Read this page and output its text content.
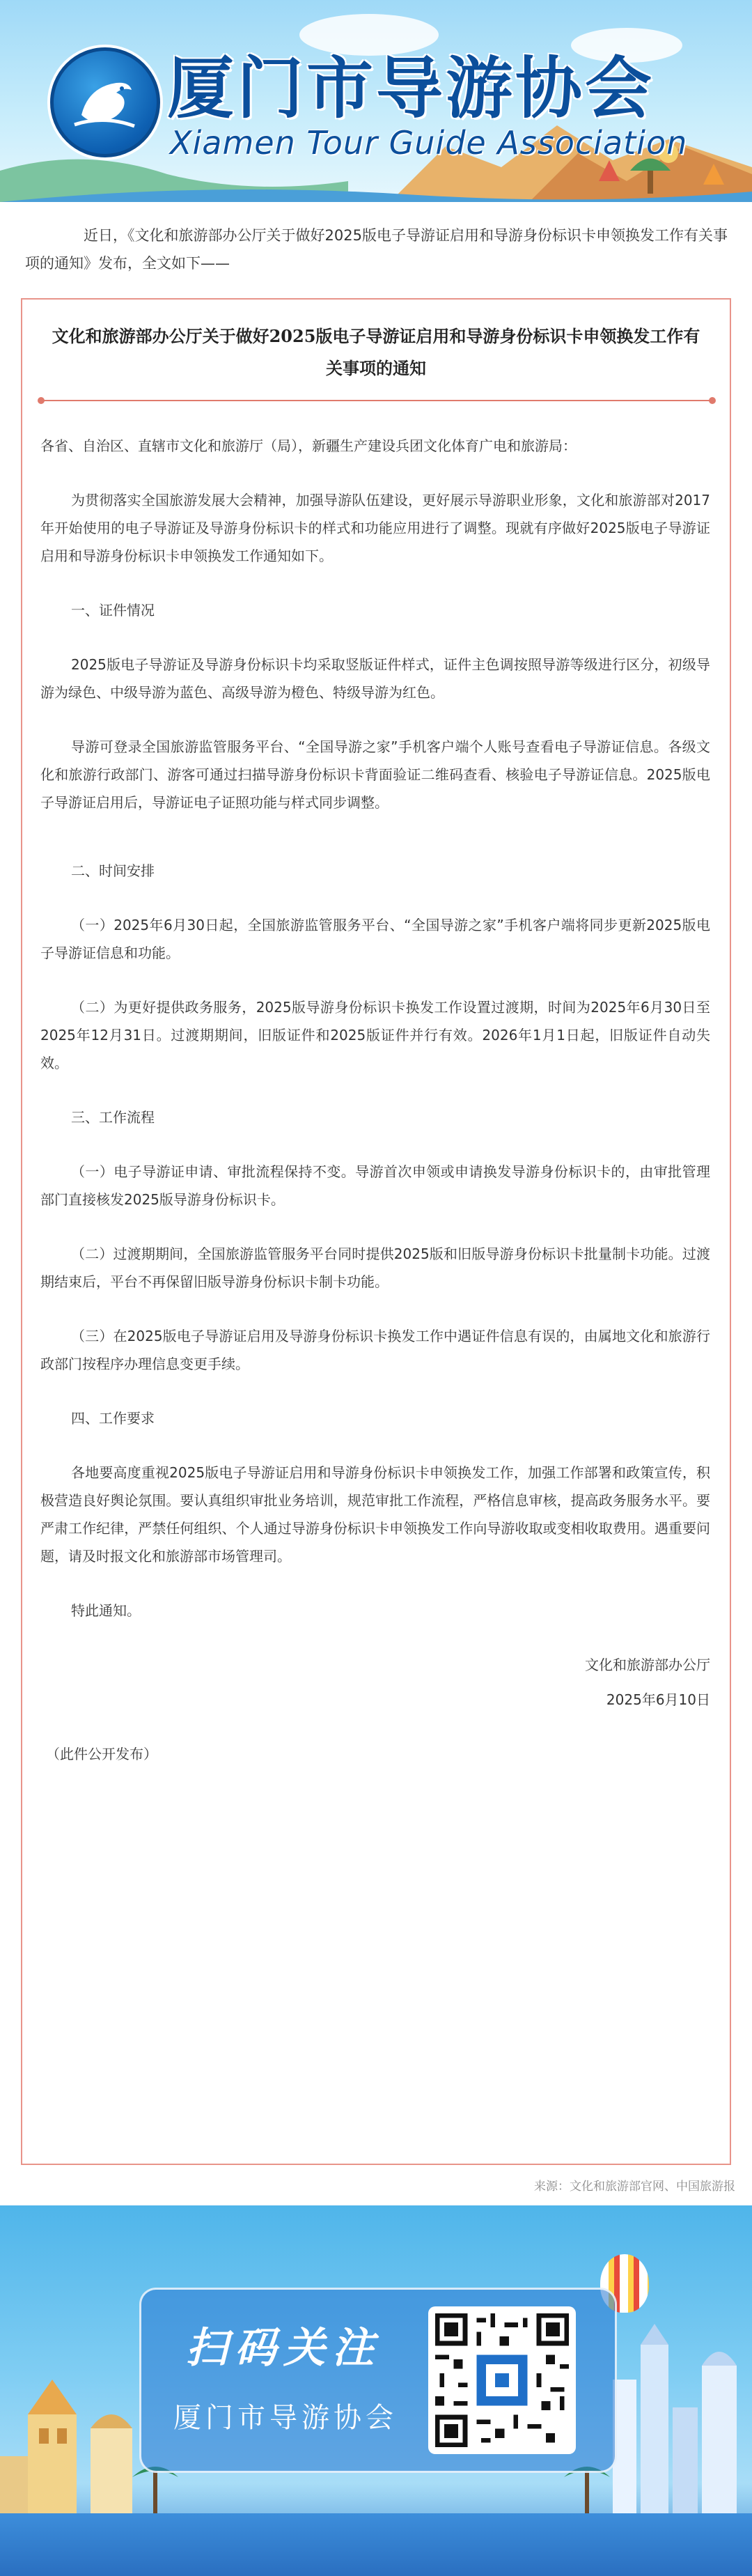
厦门市导游协会
Xiamen Tour Guide Association
近日，《文化和旅游部办公厅关于做好2025版电子导游证启用和导游身份标识卡申领换发工作有关事项的通知》发布，全文如下——
文化和旅游部办公厅关于做好2025版电子导游证启用和导游身份标识卡申领换发工作有关事项的通知

各省、自治区、直辖市文化和旅游厅（局），新疆生产建设兵团文化体育广电和旅游局：

为贯彻落实全国旅游发展大会精神，加强导游队伍建设，更好展示导游职业形象，文化和旅游部对2017年开始使用的电子导游证及导游身份标识卡的样式和功能应用进行了调整。现就有序做好2025版电子导游证启用和导游身份标识卡申领换发工作通知如下。

一、证件情况

2025版电子导游证及导游身份标识卡均采取竖版证件样式，证件主色调按照导游等级进行区分，初级导游为绿色、中级导游为蓝色、高级导游为橙色、特级导游为红色。

导游可登录全国旅游监管服务平台、“全国导游之家”手机客户端个人账号查看电子导游证信息。各级文化和旅游行政部门、游客可通过扫描导游身份标识卡背面验证二维码查看、核验电子导游证信息。2025版电子导游证启用后，导游证电子证照功能与样式同步调整。

二、时间安排

（一）2025年6月30日起，全国旅游监管服务平台、“全国导游之家”手机客户端将同步更新2025版电子导游证信息和功能。

（二）为更好提供政务服务，2025版导游身份标识卡换发工作设置过渡期，时间为2025年6月30日至2025年12月31日。过渡期期间，旧版证件和2025版证件并行有效。2026年1月1日起，旧版证件自动失效。

三、工作流程

（一）电子导游证申请、审批流程保持不变。导游首次申领或申请换发导游身份标识卡的，由审批管理部门直接核发2025版导游身份标识卡。

（二）过渡期期间，全国旅游监管服务平台同时提供2025版和旧版导游身份标识卡批量制卡功能。过渡期结束后，平台不再保留旧版导游身份标识卡制卡功能。

（三）在2025版电子导游证启用及导游身份标识卡换发工作中遇证件信息有误的，由属地文化和旅游行政部门按程序办理信息变更手续。

四、工作要求

各地要高度重视2025版电子导游证启用和导游身份标识卡申领换发工作，加强工作部署和政策宣传，积极营造良好舆论氛围。要认真组织审批业务培训，规范审批工作流程，严格信息审核，提高政务服务水平。要严肃工作纪律，严禁任何组织、个人通过导游身份标识卡申领换发工作向导游收取或变相收取费用。遇重要问题，请及时报文化和旅游部市场管理司。

特此通知。

文化和旅游部办公厅

2025年6月10日

（此件公开发布）

来源：文化和旅游部官网、中国旅游报
扫码关注
厦门市导游协会
